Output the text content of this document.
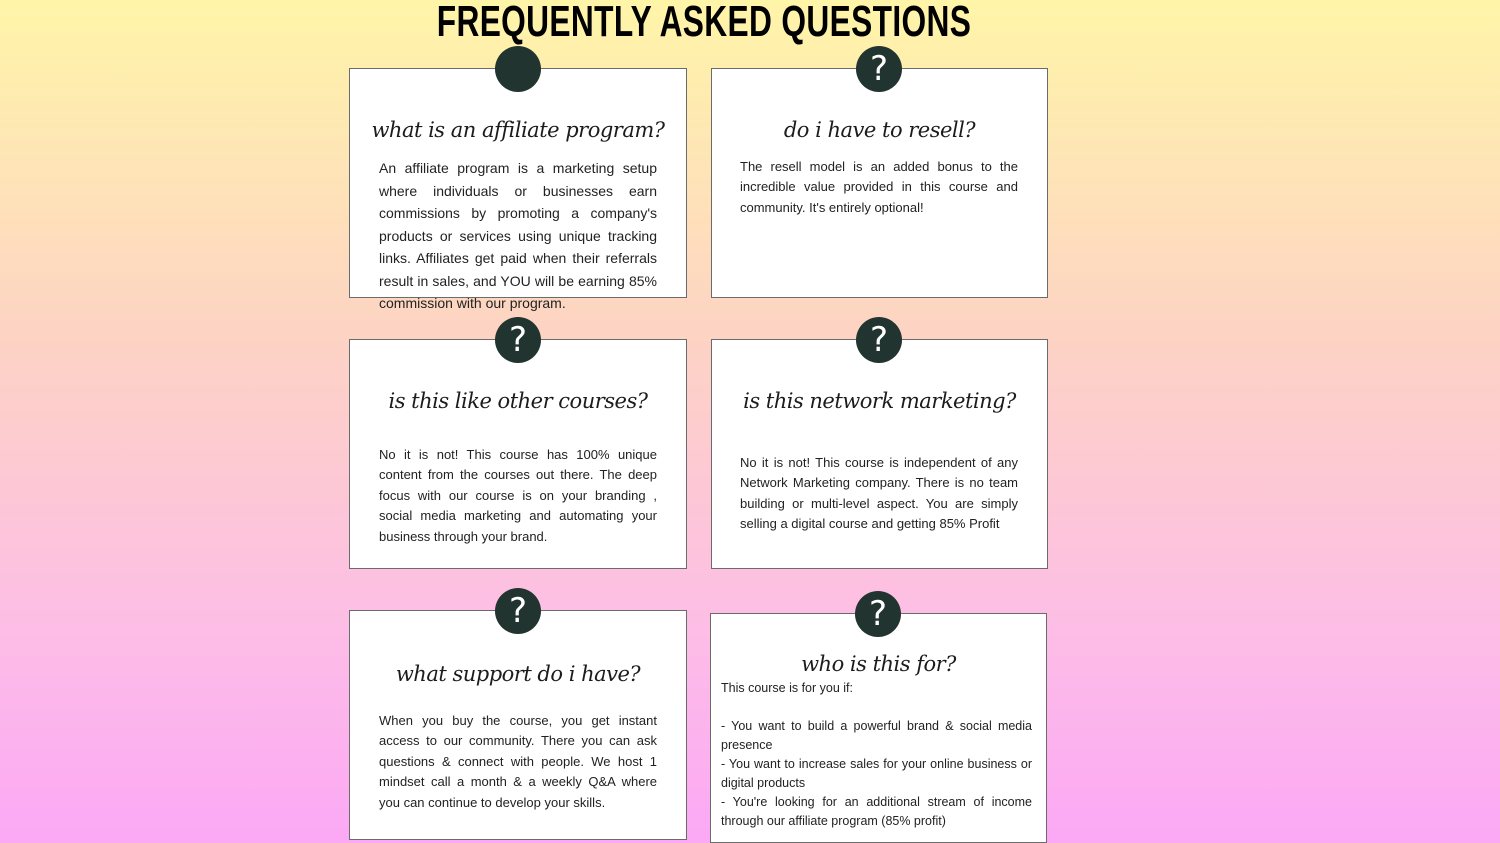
FREQUENTLY ASKED QUESTIONS
what is an affiliate program?
An affiliate program is a marketing setup where individuals or businesses earn commissions by promoting a company's products or services using unique tracking links. Affiliates get paid when their referrals result in sales, and YOU will be earning 85% commission with our program.
?
do i have to resell?
The resell model is an added bonus to the incredible value provided in this course and community. It's entirely optional!
?
is this like other courses?
No it is not! This course has 100% unique content from the courses out there. The deep focus with our course is on your branding , social media marketing and automating your business through your brand.
?
is this network marketing?
No it is not! This course is independent of any Network Marketing company. There is no team building or multi-level aspect. You are simply selling a digital course and getting 85% Profit
?
what support do i have?
When you buy the course, you get instant access to our community. There you can ask questions & connect with people. We host 1 mindset call a month & a weekly Q&A where you can continue to develop your skills.
?
who is this for?
This course is for you if:

- You want to build a powerful brand & social media presence
- You want to increase sales for your online business or digital products
- You're looking for an additional stream of income through our affiliate program (85% profit)
